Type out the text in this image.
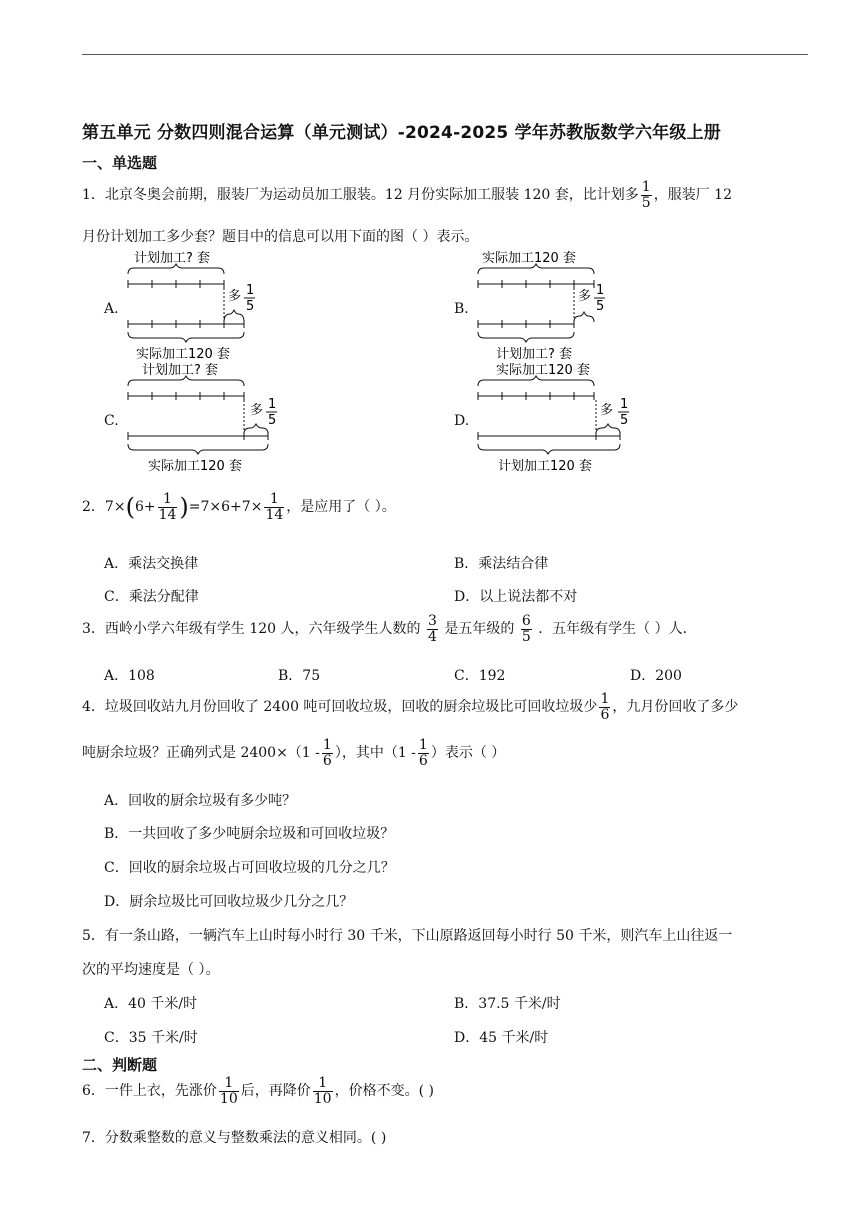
第五单元 分数四则混合运算（单元测试）-2024-2025 学年苏教版数学六年级上册
一、单选题
1．北京冬奥会前期，服装厂为运动员加工服装。12 月份实际加工服装 120 套，比计划多 $\frac{1}{5}$ ，服装厂 12
月份计划加工多少套？题目中的信息可以用下面的图（ ）表示。
A.
计划加工? 套
多 1
5
实际加工120 套
B.
实际加工120 套
多 1
5
计划加工? 套
C.
计划加工? 套
多 1
5
实际加工120 套
D.
实际加工120 套
多 1
5
计划加工120 套
2．$7\times(6+ \frac{1}{14} )=7\times 6+7\times \frac{1}{14}$ ，是应用了（ ）。
A．乘法交换律	B．乘法结合律
C．乘法分配律	D．以上说法都不对
3．西岭小学六年级有学生 120 人，六年级学生人数的 $\frac{3}{4}$ 是五年级的 $\frac{6}{5}$ ．五年级有学生（ ）人．
A．108	B．75	C．192	D．200
4．垃圾回收站九月份回收了 2400 吨可回收垃圾，回收的厨余垃圾比可回收垃圾少 $\frac{1}{6}$ ，九月份回收了多少
吨厨余垃圾？正确列式是 $2400\times(1 - \frac{1}{6}$ ），其中（$1 - \frac{1}{6}$ ）表示（ ）
A．回收的厨余垃圾有多少吨？
B．一共回收了多少吨厨余垃圾和可回收垃圾？
C．回收的厨余垃圾占可回收垃圾的几分之几？
D．厨余垃圾比可回收垃圾少几分之几？
5．有一条山路，一辆汽车上山时每小时行 30 千米，下山原路返回每小时行 50 千米，则汽车上山往返一
次的平均速度是（ ）。
A．40 千米/时	B．37.5 千米/时
C．35 千米/时	D．45 千米/时
二、判断题
6．一件上衣，先涨价 $\frac{1}{10}$ 后，再降价 $\frac{1}{10}$ ，价格不变。( )
7．分数乘整数的意义与整数乘法的意义相同。( )
